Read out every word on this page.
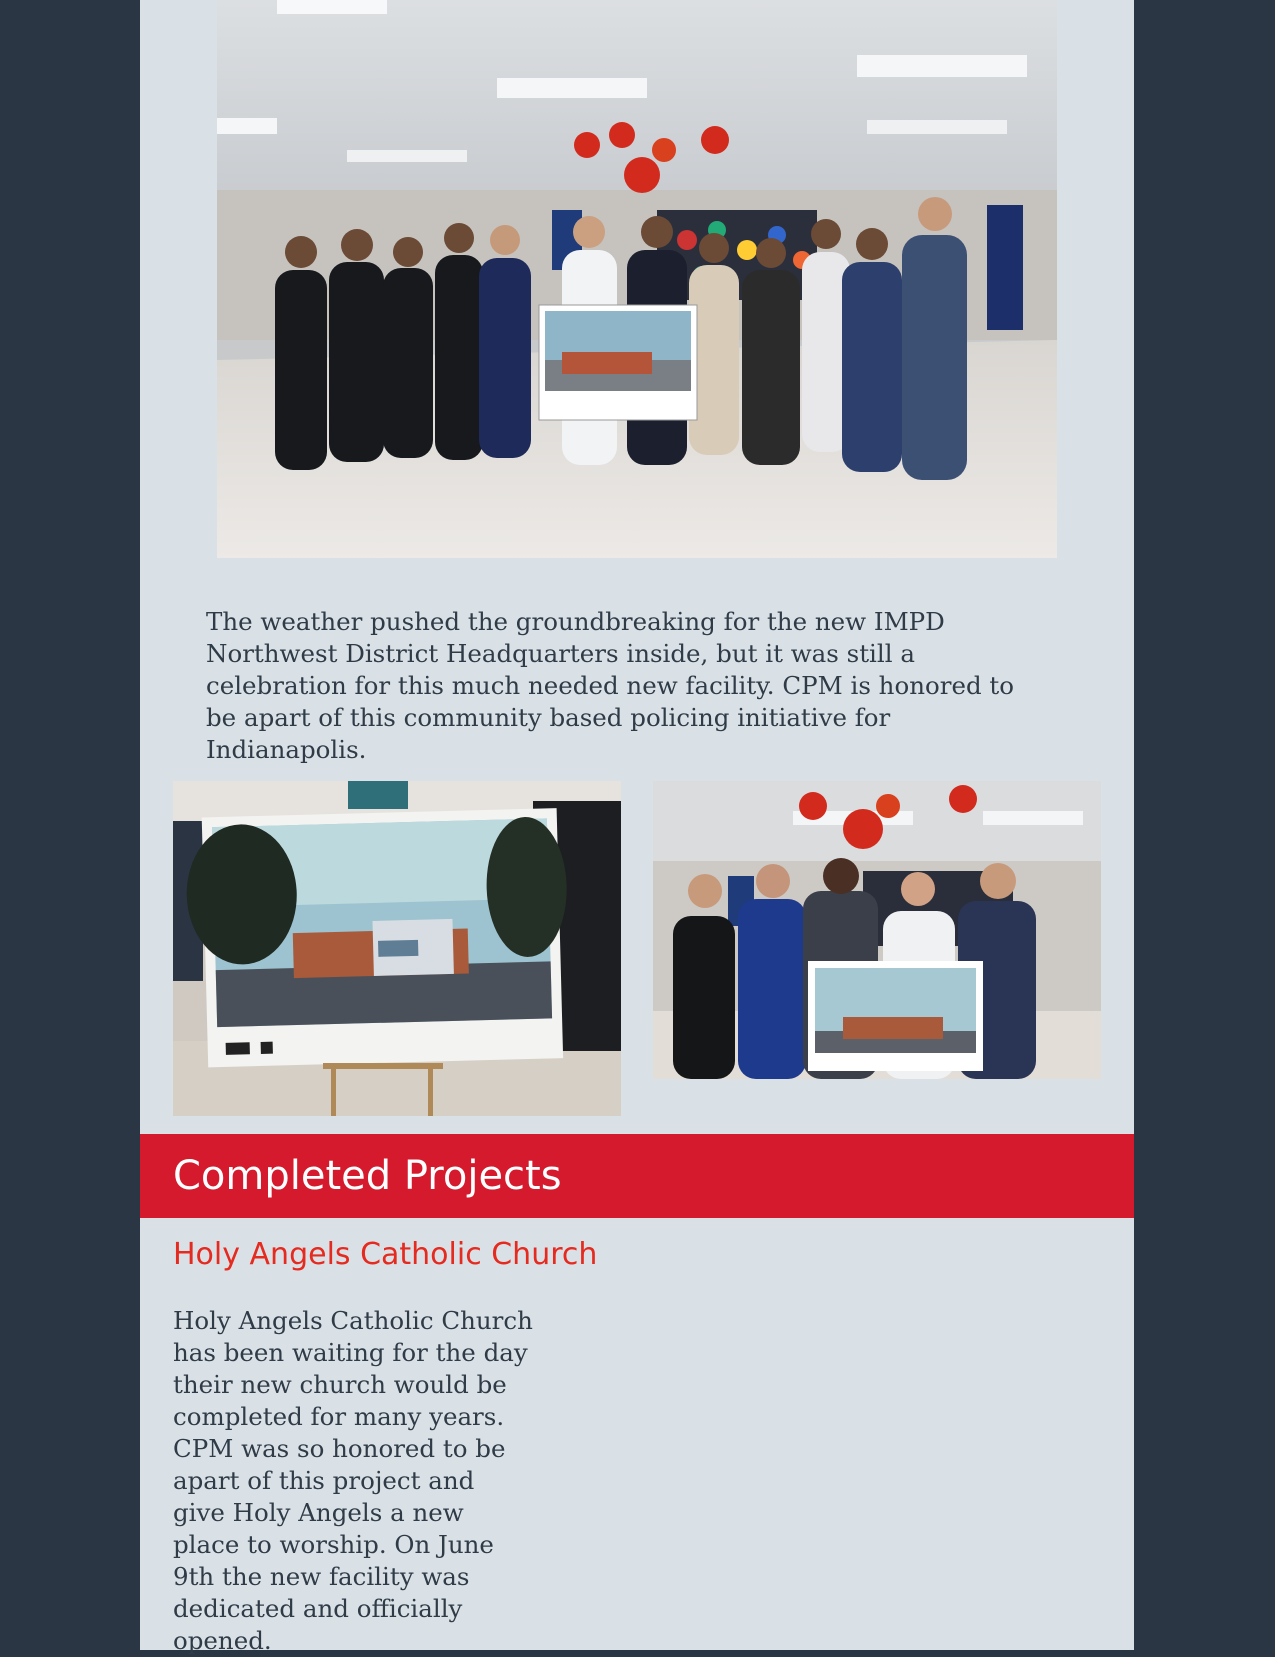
The weather pushed the groundbreaking for the new IMPD Northwest District Headquarters inside, but it was still a celebration for this much needed new facility. CPM is honored to be apart of this community based policing initiative for Indianapolis.

Completed Projects
Holy Angels Catholic Church

Holy Angels Catholic Church has been waiting for the day their new church would be completed for many years. CPM was so honored to be apart of this project and give Holy Angels a new place to worship. On June 9th the new facility was dedicated and officially opened.
